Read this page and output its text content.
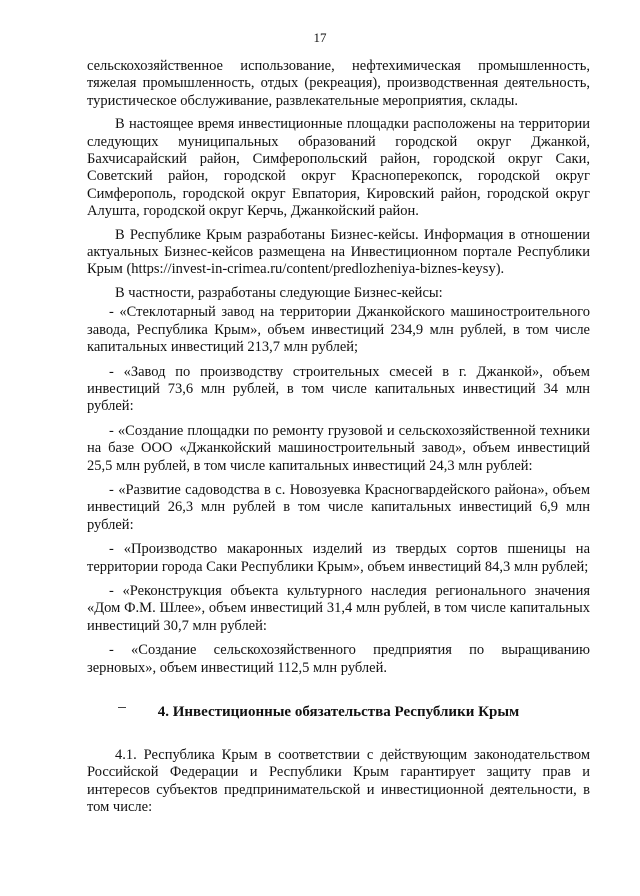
17

сельскохозяйственное использование, нефтехимическая промышленность, тяжелая промышленность, отдых (рекреация), производственная деятельность, туристическое обслуживание, развлекательные мероприятия, склады.

В настоящее время инвестиционные площадки расположены на территории следующих муниципальных образований городской округ Джанкой, Бахчисарайский район, Симферопольский район, городской округ Саки, Советский район, городской округ Красноперекопск, городской округ Симферополь, городской округ Евпатория, Кировский район, городской округ Алушта, городской округ Керчь, Джанкойский район.

В Республике Крым разработаны Бизнес-кейсы. Информация в отношении актуальных Бизнес-кейсов размещена на Инвестиционном портале Республики Крым (https://invest-in-crimea.ru/content/predlozheniya-biznes-keysy).

В частности, разработаны следующие Бизнес-кейсы:

- «Стеклотарный завод на территории Джанкойского машиностроительного завода, Республика Крым», объем инвестиций 234,9 млн рублей, в том числе капитальных инвестиций 213,7 млн рублей;

- «Завод по производству строительных смесей в г. Джанкой», объем инвестиций 73,6 млн рублей, в том числе капитальных инвестиций 34 млн рублей:

- «Создание площадки по ремонту грузовой и сельскохозяйственной техники на базе ООО «Джанкойский машиностроительный завод», объем инвестиций 25,5 млн рублей, в том числе капитальных инвестиций 24,3 млн рублей:

- «Развитие садоводства в с. Новозуевка Красногвардейского района», объем инвестиций 26,3 млн рублей в том числе капитальных инвестиций 6,9 млн рублей:

- «Производство макаронных изделий из твердых сортов пшеницы на территории города Саки Республики Крым», объем инвестиций 84,3 млн рублей;

- «Реконструкция объекта культурного наследия регионального значения «Дом Ф.М. Шлее», объем инвестиций 31,4 млн рублей, в том числе капитальных инвестиций 30,7 млн рублей:

- «Создание сельскохозяйственного предприятия по выращиванию зерновых», объем инвестиций 112,5 млн рублей.

4. Инвестиционные обязательства Республики Крым

4.1. Республика Крым в соответствии с действующим законодательством Российской Федерации и Республики Крым гарантирует защиту прав и интересов субъектов предпринимательской и инвестиционной деятельности, в том числе:
